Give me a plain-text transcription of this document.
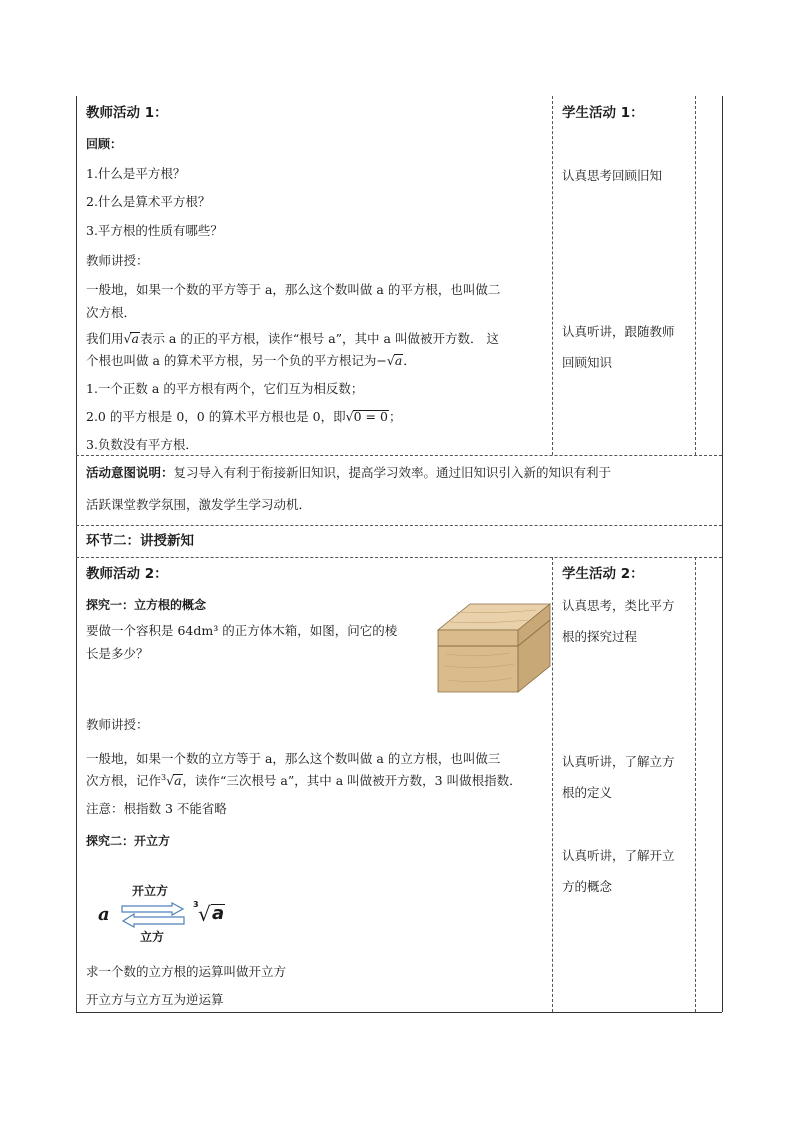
教师活动 1：
回顾：
1.什么是平方根？
2.什么是算术平方根？
3.平方根的性质有哪些？
教师讲授：
一般地，如果一个数的平方等于 a，那么这个数叫做 a 的平方根，也叫做二
次方根．
我们用√a表示 a 的正的平方根，读作“根号 a”，其中 a 叫做被开方数． 这
个根也叫做 a 的算术平方根，另一个负的平方根记为−√a．
1.一个正数 a 的平方根有两个，它们互为相反数；
2.0 的平方根是 0，0 的算术平方根也是 0，即√0 = 0；
3.负数没有平方根．
学生活动 1：
认真思考回顾旧知
认真听讲，跟随教师
回顾知识
活动意图说明：复习导入有利于衔接新旧知识，提高学习效率。通过旧知识引入新的知识有利于
活跃课堂教学氛围，激发学生学习动机．
环节二：讲授新知
教师活动 2：
探究一：立方根的概念
要做一个容积是 64dm³ 的正方体木箱，如图，问它的棱
长是多少？
教师讲授：
一般地，如果一个数的立方等于 a，那么这个数叫做 a 的立方根，也叫做三
次方根，记作$^3$√a，读作“三次根号 a”，其中 a 叫做被开方数，3 叫做根指数．
注意：根指数 3 不能省略
探究二：开立方
开立方
立方
a	3 √ a
求一个数的立方根的运算叫做开立方
开立方与立方互为逆运算
学生活动 2：
认真思考，类比平方
根的探究过程
认真听讲，了解立方
根的定义
认真听讲，了解开立
方的概念
